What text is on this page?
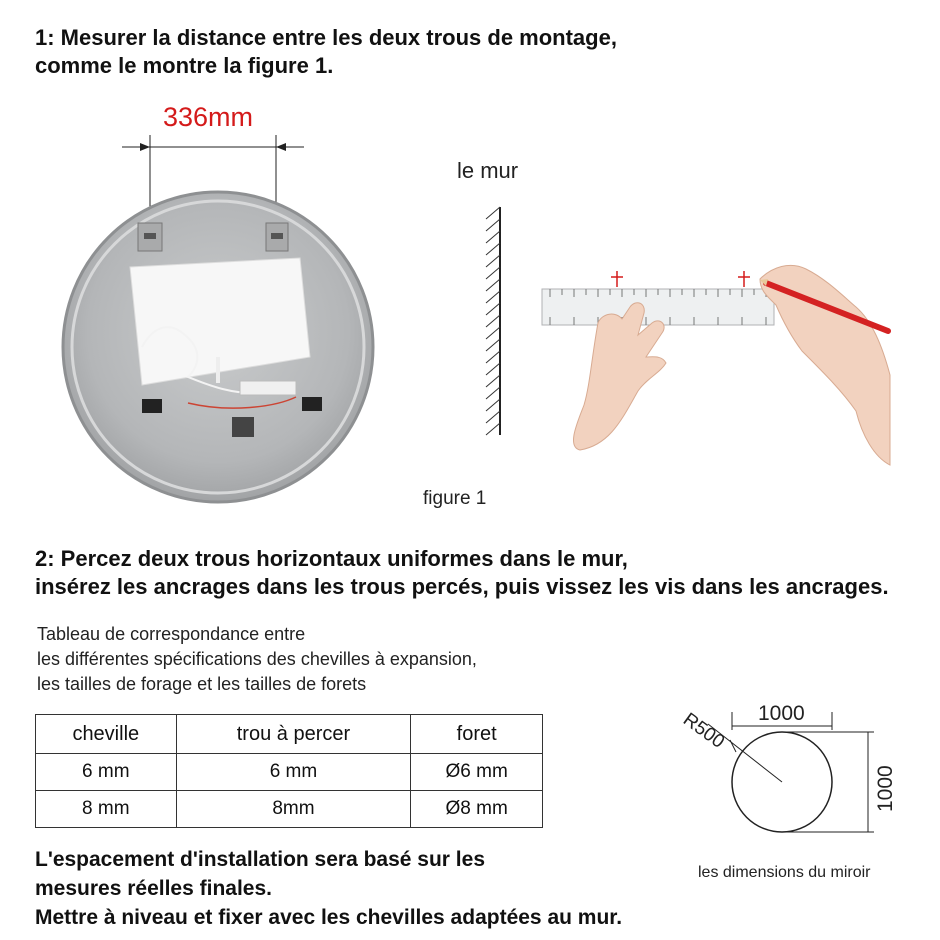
1: Mesurer la distance entre les deux trous de montage,
comme le montre la figure 1.
336mm
le mur
figure 1
2: Percez deux trous horizontaux uniformes dans le mur,
insérez les ancrages dans les trous percés, puis vissez les vis dans les ancrages.
Tableau de correspondance entre
les différentes spécifications des chevilles à expansion,
les tailles de forage et les tailles de forets
cheville	trou à percer	foret
6 mm	6 mm	Ø6 mm
8 mm	8mm	Ø8 mm
1000
R500
1000
les dimensions du miroir
L'espacement d'installation sera basé sur les
mesures réelles finales.
Mettre à niveau et fixer avec les chevilles adaptées au mur.
